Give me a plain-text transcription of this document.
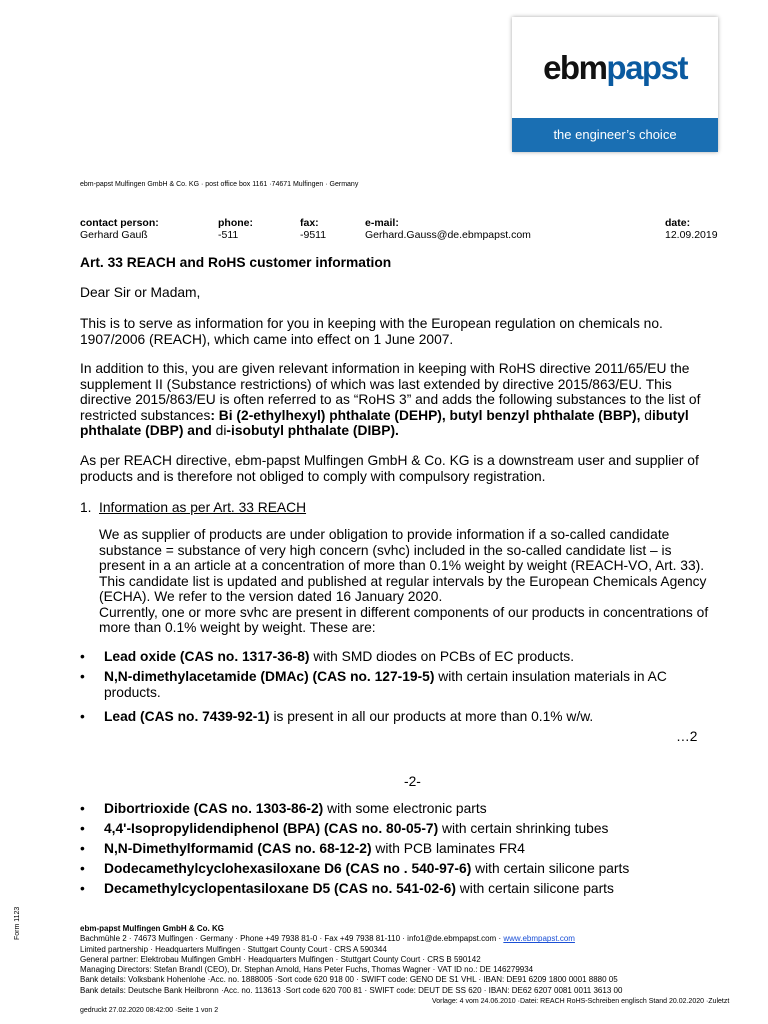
ebmpapst
the engineer’s choice
ebm-papst Mulfingen GmbH & Co. KG · post office box 1161 ·74671 Mulfingen · Germany
contact person:
Gerhard Gauß
phone:
-511
fax:
-9511
e-mail:
Gerhard.Gauss@de.ebmpapst.com
date:
12.09.2019
Art. 33 REACH and RoHS customer information
Dear Sir or Madam,
This is to serve as information for you in keeping with the European regulation on chemicals no.
1907/2006 (REACH), which came into effect on 1 June 2007.
In addition to this, you are given relevant information in keeping with RoHS directive 2011/65/EU the
supplement II (Substance restrictions) of which was last extended by directive 2015/863/EU. This
directive 2015/863/EU is often referred to as “RoHS 3” and adds the following substances to the list of
restricted substances: Bi (2-ethylhexyl) phthalate (DEHP), butyl benzyl phthalate (BBP), dibutyl
phthalate (DBP) and di-isobutyl phthalate (DIBP).
As per REACH directive, ebm-papst Mulfingen GmbH & Co. KG is a downstream user and supplier of
products and is therefore not obliged to comply with compulsory registration.
1. Information as per Art. 33 REACH
We as supplier of products are under obligation to provide information if a so-called candidate
substance = substance of very high concern (svhc) included in the so-called candidate list – is
present in a an article at a concentration of more than 0.1% weight by weight (REACH-VO, Art. 33).
This candidate list is updated and published at regular intervals by the European Chemicals Agency
(ECHA). We refer to the version dated 16 January 2020.
Currently, one or more svhc are present in different components of our products in concentrations of
more than 0.1% weight by weight. These are:
• Lead oxide (CAS no. 1317-36-8) with SMD diodes on PCBs of EC products.
• N,N-dimethylacetamide (DMAc) (CAS no. 127-19-5) with certain insulation materials in AC
products.
• Lead (CAS no. 7439-92-1) is present in all our products at more than 0.1% w/w.
…2
-2-
• Dibortrioxide (CAS no. 1303-86-2) with some electronic parts
• 4,4'-Isopropylidendiphenol (BPA) (CAS no. 80-05-7) with certain shrinking tubes
• N,N-Dimethylformamid (CAS no. 68-12-2) with PCB laminates FR4
• Dodecamethylcyclohexasiloxane D6 (CAS no . 540-97-6) with certain silicone parts
• Decamethylcyclopentasiloxane D5 (CAS no. 541-02-6) with certain silicone parts
Form 1123	ebm-papst Mulfingen GmbH & Co. KG
Bachmühle 2 · 74673 Mulfingen · Germany · Phone +49 7938 81-0 · Fax +49 7938 81-110 · info1@de.ebmpapst.com · www.ebmpapst.com
Limited partnership · Headquarters Mulfingen · Stuttgart County Court · CRS A 590344
General partner: Elektrobau Mulfingen GmbH · Headquarters Mulfingen · Stuttgart County Court · CRS B 590142
Managing Directors: Stefan Brandl (CEO), Dr. Stephan Arnold, Hans Peter Fuchs, Thomas Wagner · VAT ID no.: DE 146279934
Bank details: Volksbank Hohenlohe ·Acc. no. 1888005 ·Sort code 620 918 00 · SWIFT code: GENO DE S1 VHL · IBAN: DE91 6209 1800 0001 8880 05
Bank details: Deutsche Bank Heilbronn ·Acc. no. 113613 ·Sort code 620 700 81 · SWIFT code: DEUT DE SS 620 · IBAN: DE62 6207 0081 0011 3613 00
Vorlage: 4 vom 24.06.2010 ·Datei: REACH RoHS-Schreiben englisch Stand 20.02.2020 ·Zuletzt
gedruckt 27.02.2020 08:42:00 ·Seite 1 von 2
